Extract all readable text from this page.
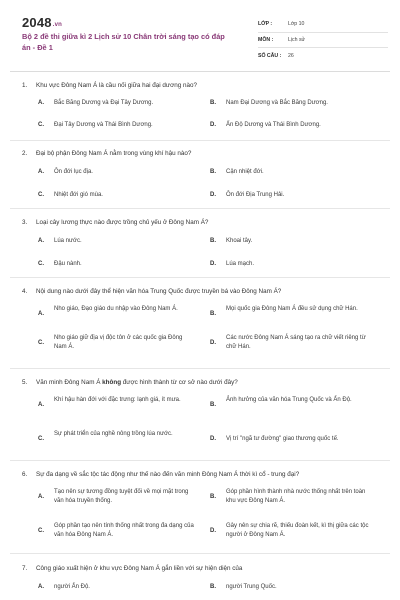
2048.vn
Bộ 2 đề thi giữa kì 2 Lịch sử 10 Chân trời sáng tạo có đáp án - Đề 1
LỚP :	Lớp 10
MÔN :	Lịch sử
SỐ CÂU :	26
1. Khu vực Đông Nam Á là cầu nối giữa hai đại dương nào?
A. Bắc Băng Dương và Đại Tây Dương.	B. Nam Đại Dương và Bắc Băng Dương.
C. Đại Tây Dương và Thái Bình Dương.	D. Ấn Độ Dương và Thái Bình Dương.
2. Đại bộ phận Đông Nam Á nằm trong vùng khí hậu nào?
A. Ôn đới lục địa.	B. Cận nhiệt đới.
C. Nhiệt đới gió mùa.	D. Ôn đới Địa Trung Hải.
3. Loại cây lương thực nào được trồng chủ yếu ở Đông Nam Á?
A. Lúa nước.	B. Khoai tây.
C. Đậu nành.	D. Lúa mạch.
4. Nội dung nào dưới đây thể hiện văn hóa Trung Quốc được truyền bá vào Đông Nam Á?
A.
Nho giáo, Đạo giáo du nhập vào Đông Nam Á.
B.
Mọi quốc gia Đông Nam Á đều sử dụng chữ Hán.
C.
Nho giáo giữ địa vị độc tôn ở các quốc gia Đông Nam Á.
D.
Các nước Đông Nam Á sáng tạo ra chữ viết riêng từ chữ Hán.
5. Văn minh Đông Nam Á không được hình thành từ cơ sở nào dưới đây?
A.
Khí hậu hàn đới với đặc trưng: lạnh giá, ít mưa.
B.
Ảnh hưởng của văn hóa Trung Quốc và Ấn Độ.
C.
Sự phát triển của nghề nông trồng lúa nước.
D. Vị trí "ngã tư đường" giao thương quốc tế.
6. Sự đa dạng về sắc tộc tác động như thế nào đến văn minh Đông Nam Á thời kì cổ - trung đại?
A.
Tạo nên sự tương đồng tuyệt đối về mọi mặt trong văn hóa truyền thống.
B.
Góp phần hình thành nhà nước thống nhất trên toàn khu vực Đông Nam Á.
C.
Góp phần tạo nên tính thống nhất trong đa dạng của văn hóa Đông Nam Á.
D.
Gây nên sự chia rẽ, thiếu đoàn kết, kì thị giữa các tộc người ở Đông Nam Á.
7. Công giáo xuất hiện ở khu vực Đông Nam Á gắn liền với sự hiện diện của
A. người Ấn Độ.	B. người Trung Quốc.
